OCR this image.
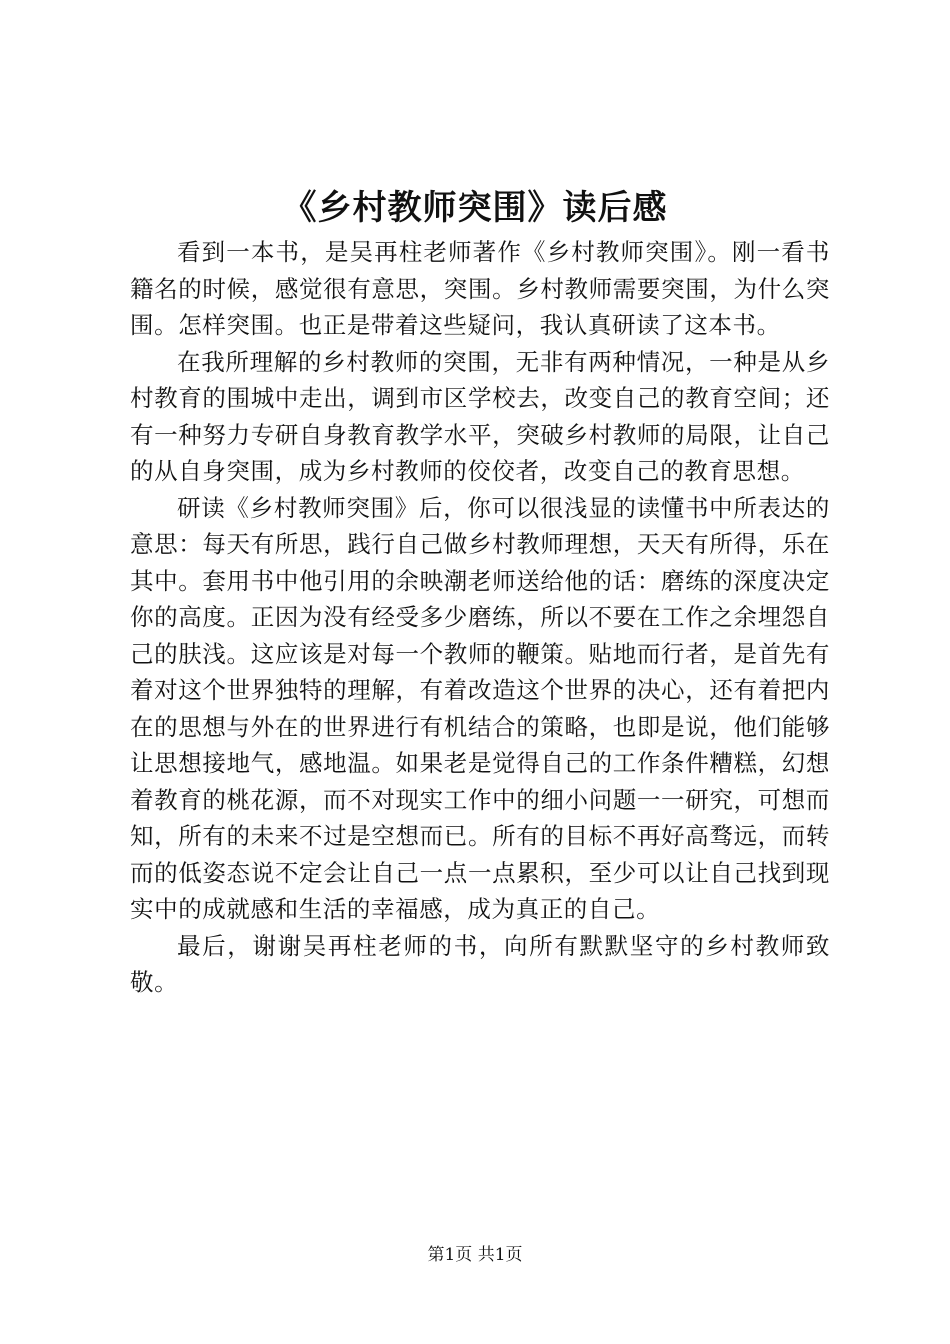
《乡村教师突围》读后感

看到一本书，是吴再柱老师著作《乡村教师突围》。刚一看书籍名的时候，感觉很有意思，突围。乡村教师需要突围，为什么突围。怎样突围。也正是带着这些疑问，我认真研读了这本书。

在我所理解的乡村教师的突围，无非有两种情况，一种是从乡村教育的围城中走出，调到市区学校去，改变自己的教育空间；还有一种努力专研自身教育教学水平，突破乡村教师的局限，让自己的从自身突围，成为乡村教师的佼佼者，改变自己的教育思想。

研读《乡村教师突围》后，你可以很浅显的读懂书中所表达的意思：每天有所思，践行自己做乡村教师理想，天天有所得，乐在其中。套用书中他引用的余映潮老师送给他的话：磨练的深度决定你的高度。正因为没有经受多少磨练，所以不要在工作之余埋怨自己的肤浅。这应该是对每一个教师的鞭策。贴地而行者，是首先有着对这个世界独特的理解，有着改造这个世界的决心，还有着把内在的思想与外在的世界进行有机结合的策略，也即是说，他们能够让思想接地气，感地温。如果老是觉得自己的工作条件糟糕，幻想着教育的桃花源，而不对现实工作中的细小问题一一研究，可想而知，所有的未来不过是空想而已。所有的目标不再好高骛远，而转而的低姿态说不定会让自己一点一点累积，至少可以让自己找到现实中的成就感和生活的幸福感，成为真正的自己。

最后，谢谢吴再柱老师的书，向所有默默坚守的乡村教师致敬。

第1页 共1页
